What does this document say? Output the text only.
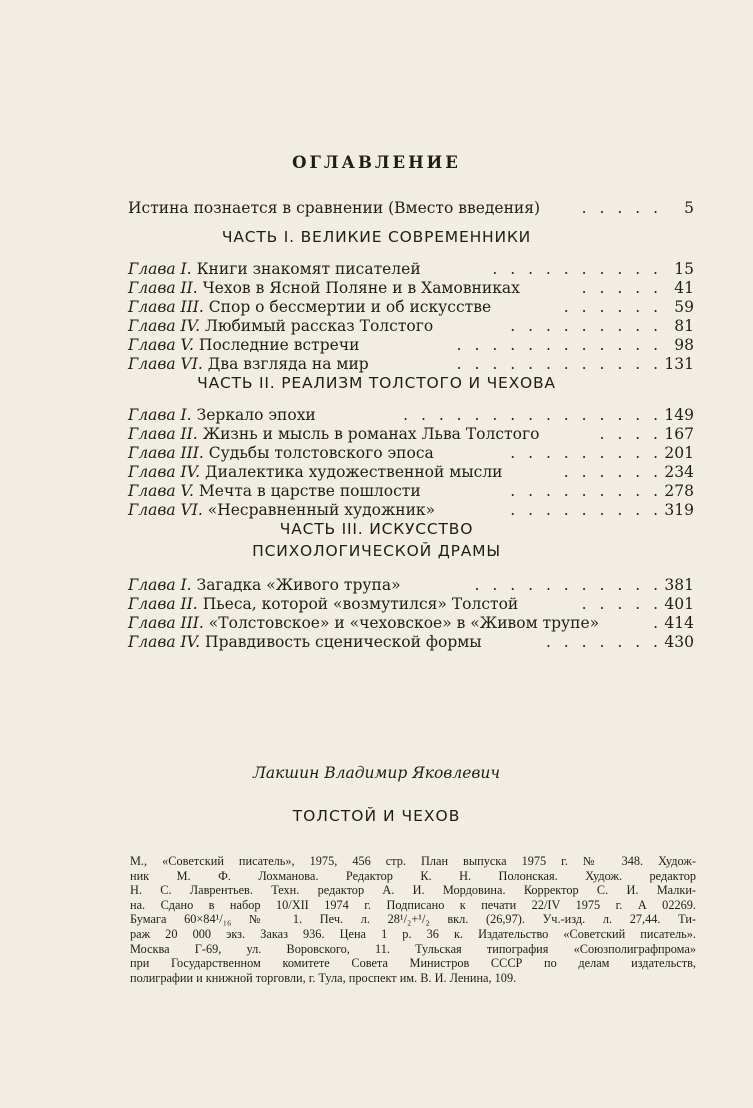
ОГЛАВЛЕНИЕ
Истина познается в сравнении (Вместо введения)	. . . . .	5
ЧАСТЬ I. ВЕЛИКИЕ СОВРЕМЕННИКИ
Глава I. Книги знакомят писателей	. . . . . . . . . . 15
Глава II. Чехов в Ясной Поляне и в Хамовниках	. . . . . 41
Глава III. Спор о бессмертии и об искусстве	. . . . . . 59
Глава IV. Любимый рассказ Толстого	. . . . . . . . . 81
Глава V. Последние встречи	. . . . . . . . . . . . 98
Глава VI. Два взгляда на мир	. . . . . . . . . . . . 131
ЧАСТЬ II. РЕАЛИЗМ ТОЛСТОГО И ЧЕХОВА
Глава I. Зеркало эпохи	. . . . . . . . . . . . . . . 149
Глава II. Жизнь и мысль в романах Льва Толстого	. . . . 167
Глава III. Судьбы толстовского эпоса	. . . . . . . . . 201
Глава IV. Диалектика художественной мысли	. . . . . . 234
Глава V. Мечта в царстве пошлости	. . . . . . . . . 278
Глава VI. «Несравненный художник»	. . . . . . . . . 319
ЧАСТЬ III. ИСКУССТВО
ПСИХОЛОГИЧЕСКОЙ ДРАМЫ
Глава I. Загадка «Живого трупа»	. . . . . . . . . . . 381
Глава II. Пьеса, которой «возмутился» Толстой	. . . . . 401
Глава III. «Толстовское» и «чеховское» в «Живом трупе»	. 414
Глава IV. Правдивость сценической формы	. . . . . . . 430
Лакшин Владимир Яковлевич
ТОЛСТОЙ И ЧЕХОВ
М., «Советский писатель», 1975, 456 стр. План выпуска 1975 г. № 348. Худож-
ник М. Ф. Лохманова. Редактор К. Н. Полонская. Худож. редактор
Н. С. Лаврентьев. Техн. редактор А. И. Мордовина. Корректор С. И. Малки-
на. Сдано в набор 10/XII 1974 г. Подписано к печати 22/IV 1975 г. А 02269.
Бумага 60×84¹/₁₆ № 1. Печ. л. 28¹/₂+¹/₂ вкл. (26,97). Уч.-изд. л. 27,44. Ти-
раж 20 000 экз. Заказ 936. Цена 1 р. 36 к. Издательство «Советский писатель».
Москва Г-69, ул. Воровского, 11. Тульская типография «Союзполиграфпрома»
при Государственном комитете Совета Министров СССР по делам издательств,
полиграфии и книжной торговли, г. Тула, проспект им. В. И. Ленина, 109.
